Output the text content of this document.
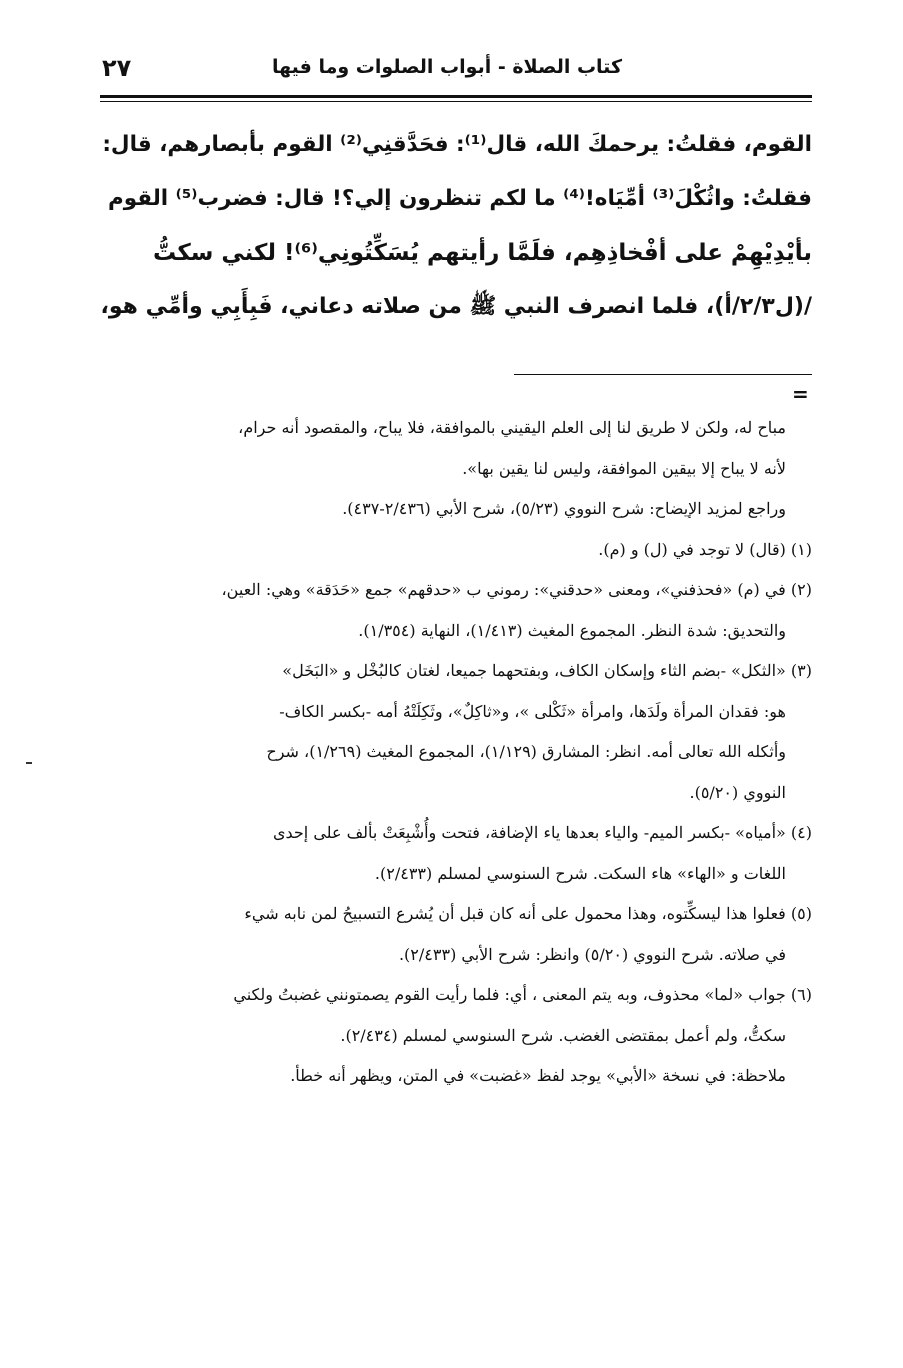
كتاب الصلاة - أبواب الصلوات وما فيها
٢٧
القوم، فقلتُ: يرحمكَ الله، قال⁽¹⁾: فحَدَّقنِي⁽²⁾ القوم بأبصارهم، قال:
فقلتُ: واثُكْلَ⁽³⁾ أمِّيَاه!⁽⁴⁾ ما لكم تنظرون إلي؟! قال: فضرب⁽⁵⁾ القوم
بأيْدِيْهِمْ على أفْخاذِهِم، فلَمَّا رأيتهم يُسَكِّتُونِي⁽⁶⁾! لكني سكتُّ
/(ل٢/٣/أ)، فلما انصرف النبي ﷺ من صلاته دعاني، فَبِأَبِي وأمِّي هو،
=
مباح له، ولكن لا طريق لنا إلى العلم اليقيني بالموافقة، فلا يباح، والمقصود أنه حرام،
لأنه لا يباح إلا بيقين الموافقة، وليس لنا يقين بها».
وراجع لمزيد الإيضاح: شرح النووي (٥/٢٣)، شرح الأبي (٢/٤٣٦-٤٣٧).
(١) (قال) لا توجد في (ل) و (م).
(٢) في (م) «فحذفني»، ومعنى «حدقني»: رموني ب «حدقهم» جمع «حَدَقة» وهي: العين،
والتحديق: شدة النظر. المجموع المغيث (١/٤١٣)، النهاية (١/٣٥٤).
(٣) «الثكل» -بضم الثاء وإسكان الكاف، وبفتحهما جميعا، لغتان كالبُخْل و «البَخَل»
هو: فقدان المرأة ولَدَها، وامرأة «ثَكْلى »، و«ثاكِلٌ»، وثَكِلَتْهُ أمه -بكسر الكاف-
وأثكله الله تعالى أمه. انظر: المشارق (١/١٢٩)، المجموع المغيث (١/٢٦٩)، شرح
النووي (٥/٢٠).
(٤) «أمياه» -بكسر الميم- والياء بعدها ياء الإضافة، فتحت وأُشْبِعَتْ بألف على إحدى
اللغات و «الهاء» هاء السكت. شرح السنوسي لمسلم (٢/٤٣٣).
(٥) فعلوا هذا ليسكِّتوه، وهذا محمول على أنه كان قبل أن يُشرع التسبيحُ لمن نابه شيء
في صلاته. شرح النووي (٥/٢٠) وانظر: شرح الأبي (٢/٤٣٣).
(٦) جواب «لما» محذوف، وبه يتم المعنى ، أي: فلما رأيت القوم يصمتونني غضبتُ ولكني
سكتُّ، ولم أعمل بمقتضى الغضب. شرح السنوسي لمسلم (٢/٤٣٤).
ملاحظة: في نسخة «الأبي» يوجد لفظ «غضبت» في المتن، ويظهر أنه خطأ.
